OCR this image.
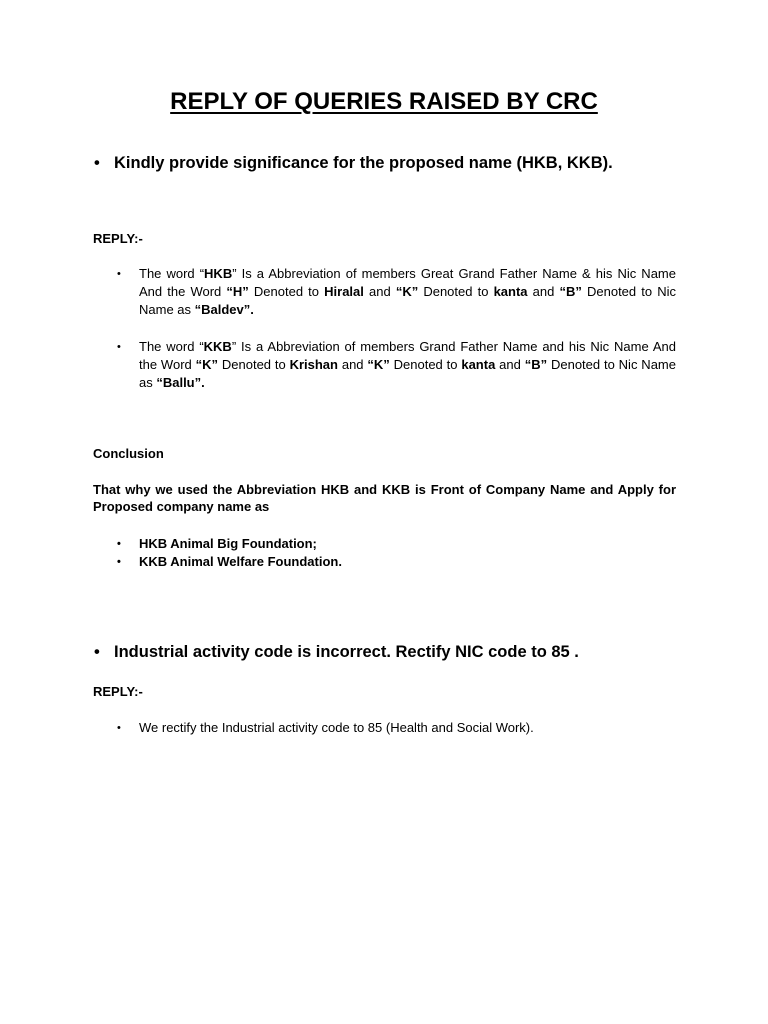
REPLY OF QUERIES RAISED BY CRC
• Kindly provide significance for the proposed name (HKB, KKB).
REPLY:-
• The word “HKB” Is a Abbreviation of members Great Grand Father Name & his Nic Name And the Word “H” Denoted to Hiralal and “K” Denoted to kanta and “B” Denoted to Nic Name as “Baldev”.
• The word “KKB” Is a Abbreviation of members Grand Father Name and his Nic Name And the Word “K” Denoted to Krishan and “K” Denoted to kanta and “B” Denoted to Nic Name as “Ballu”.
Conclusion
That why we used the Abbreviation HKB and KKB is Front of Company Name and Apply for Proposed company name as
• HKB Animal Big Foundation;
• KKB Animal Welfare Foundation.
• Industrial activity code is incorrect. Rectify NIC code to 85 .
REPLY:-
• We rectify the Industrial activity code to 85 (Health and Social Work).
